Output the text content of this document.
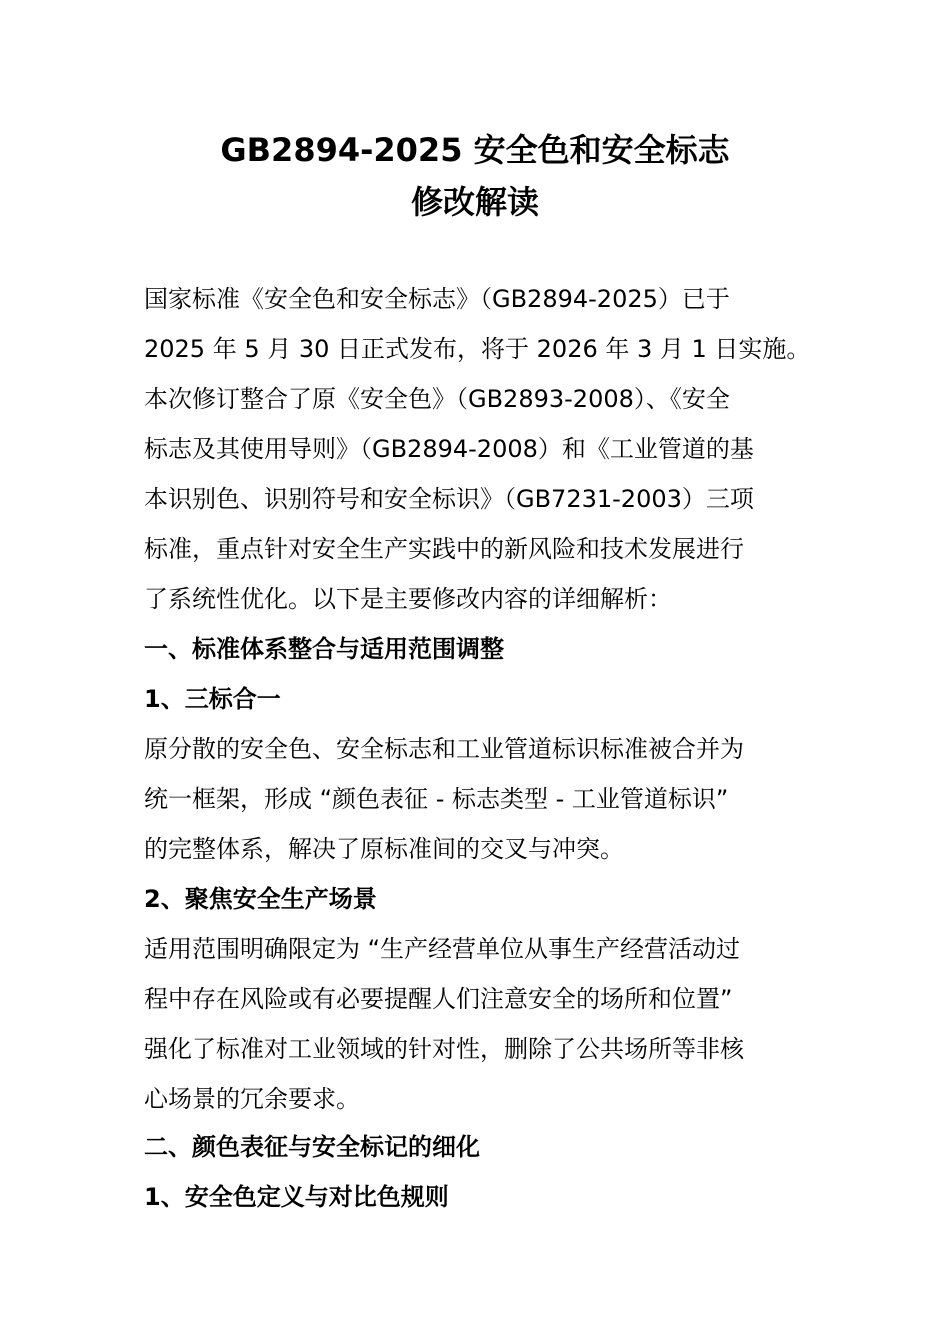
GB2894-2025 安全色和安全标志
修改解读
国家标准《安全色和安全标志》（GB2894-2025）已于
2025 年 5 月 30 日正式发布，将于 2026 年 3 月 1 日实施。
本次修订整合了原《安全色》（GB2893-2008）、《安全
标志及其使用导则》（GB2894-2008）和《工业管道的基
本识别色、识别符号和安全标识》（GB7231-2003）三项
标准，重点针对安全生产实践中的新风险和技术发展进行
了系统性优化。以下是主要修改内容的详细解析：
一、标准体系整合与适用范围调整
1、三标合一
原分散的安全色、安全标志和工业管道标识标准被合并为
统一框架，形成 “颜色表征 - 标志类型 - 工业管道标识”
的完整体系，解决了原标准间的交叉与冲突。
2、聚焦安全生产场景
适用范围明确限定为 “生产经营单位从事生产经营活动过
程中存在风险或有必要提醒人们注意安全的场所和位置”
强化了标准对工业领域的针对性，删除了公共场所等非核
心场景的冗余要求。
二、颜色表征与安全标记的细化
1、安全色定义与对比色规则
